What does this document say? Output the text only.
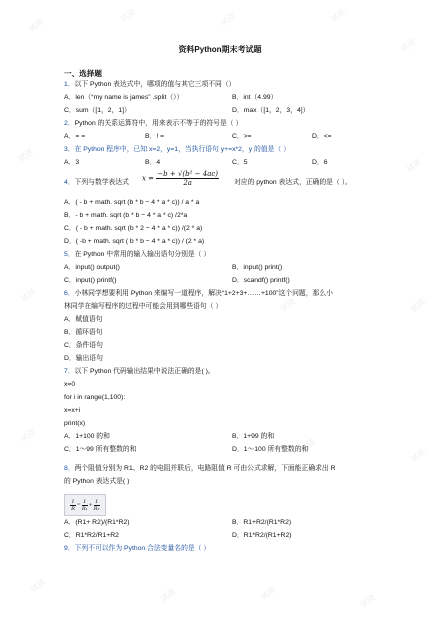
试读
试读	试读	试读
试读
试读
试读
试读
试读	试读
试读
试读
试读
试读
试读	试读	试读
资料Python期末考试题
一、选择题
1．以下 Python 表达式中，哪项的值与其它三项不同（）
A．len（“my name is james” .split（））	B．int（4.99）
C．sum（[1，2，1]）	D．max（[1，2，3，4]）
2．Python 的关系运算符中，用来表示不等于的符号是（ ）
A．= =	B．! =	C．>=	D．<=
3．在 Python 程序中，已知 x=2，y=1，当执行语句 y+=x*2，y 的值是（ ）
A．3	B．4	C．5	D．6
4．下列与数学表达式 $x = \frac{\text{−b + √(b² − 4ac)}}{2a}$ 对应的 python 表达式，正确的是（ ）。
A．( - b + math. sqrt (b * b − 4 * a * c)) / a * a
B．- b + math. sqrt (b * b − 4 * a * c) /2*a
C．( - b + math. sqrt (b * 2 − 4 * a * c)) /(2 * a)
D．( -b + math. sqrt ( b * b − 4 * a * c)) / (2 * a)
5．在 Python 中常用的输入输出语句分别是（ ）
A．input() output()	B．input() print()
C．input() printf()	D．scandf() printf()
6．小林同学想要利用 Python 来编写一道程序，解决“1+2+3+……+100”这个问题，那么小
林同学在编写程序的过程中可能会用到哪些语句（ ）
A．赋值语句
B．循环语句
C．条件语句
D．输出语句
7．以下 Python 代码输出结果中说法正确的是( )。
x=0
for i in range(1,100):
x=x+i
print(x)
A．1+100 的和	B．1+99 的和
C．1～99 所有整数的和	D．1～100 所有整数的和
8．两个阻值分别为 R1、R2 的电阻并联后，电路阻值 R 可由公式求解，下面能正确求出 R
的 Python 表达式是( )
$\frac{1}{R} = \frac{1}{\text{R₁}} + \frac{1}{\text{R₂}}$
A．(R1+ R2)/(R1*R2)	B．R1+R2/(R1*R2)
C．R1*R2/R1+R2	D．R1*R2/(R1+R2)
9．下列不可以作为 Python 合法变量名的是（ ）
